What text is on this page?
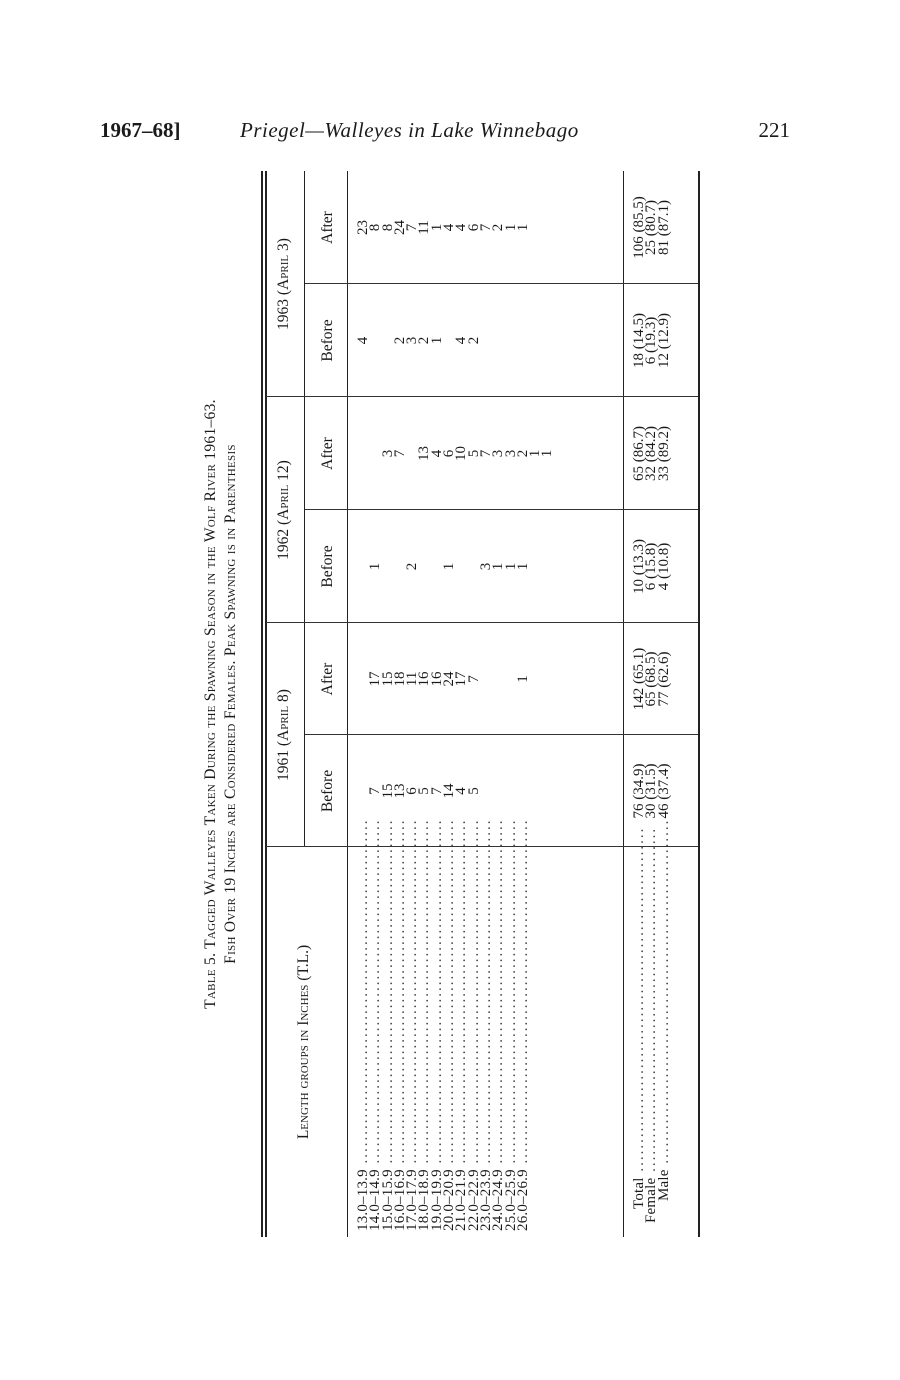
1967–68]	Priegel—Walleyes in Lake Winnebago	221
Table 5. Tagged Walleyes Taken During the Spawning Season in the Wolf River 1961–63. Fish Over 19 Inches are Considered Females. Peak Spawning is in Parenthesis
Length groups in Inches (T.L.)
1961 (April 8)
1962 (April 12)
1963 (April 3)
Before
After
Before
After
Before
After
13.0–13.9 ............................................................
14.0–14.9 ............................................................
15.0–15.9 ............................................................
16.0–16.9 ............................................................
17.0–17.9 ............................................................
18.0–18.9 ............................................................
19.0–19.9 ............................................................
20.0–20.9 ............................................................
21.0–21.9 ............................................................
22.0–22.9 ............................................................
23.0–23.9 ............................................................
24.0–24.9 ............................................................
25.0–25.9 ............................................................
26.0–26.9 ............................................................
Total ............................................................
Female ............................................................
Male ............................................................

7
15
13
6
5
7
14
4
5

17
15
18
11
16
16
24
17
7

1

1

2

1

3
1
1
1

3
7
13
4
6
10
5
7
3
3
2
1
1
4

2
3
2
1
4
2

23
8
8
24
7
11
1
4
4
6
7
2
1
1

76 (34.9)
30 (31.5)
46 (37.4)
142 (65.1)
65 (68.5)
77 (62.6)
10 (13.3)
6 (15.8)
4 (10.8)
65 (86.7)
32 (84.2)
33 (89.2)
18 (14.5)
6 (19.3)
12 (12.9)
106 (85.5)
25 (80.7)
81 (87.1)
